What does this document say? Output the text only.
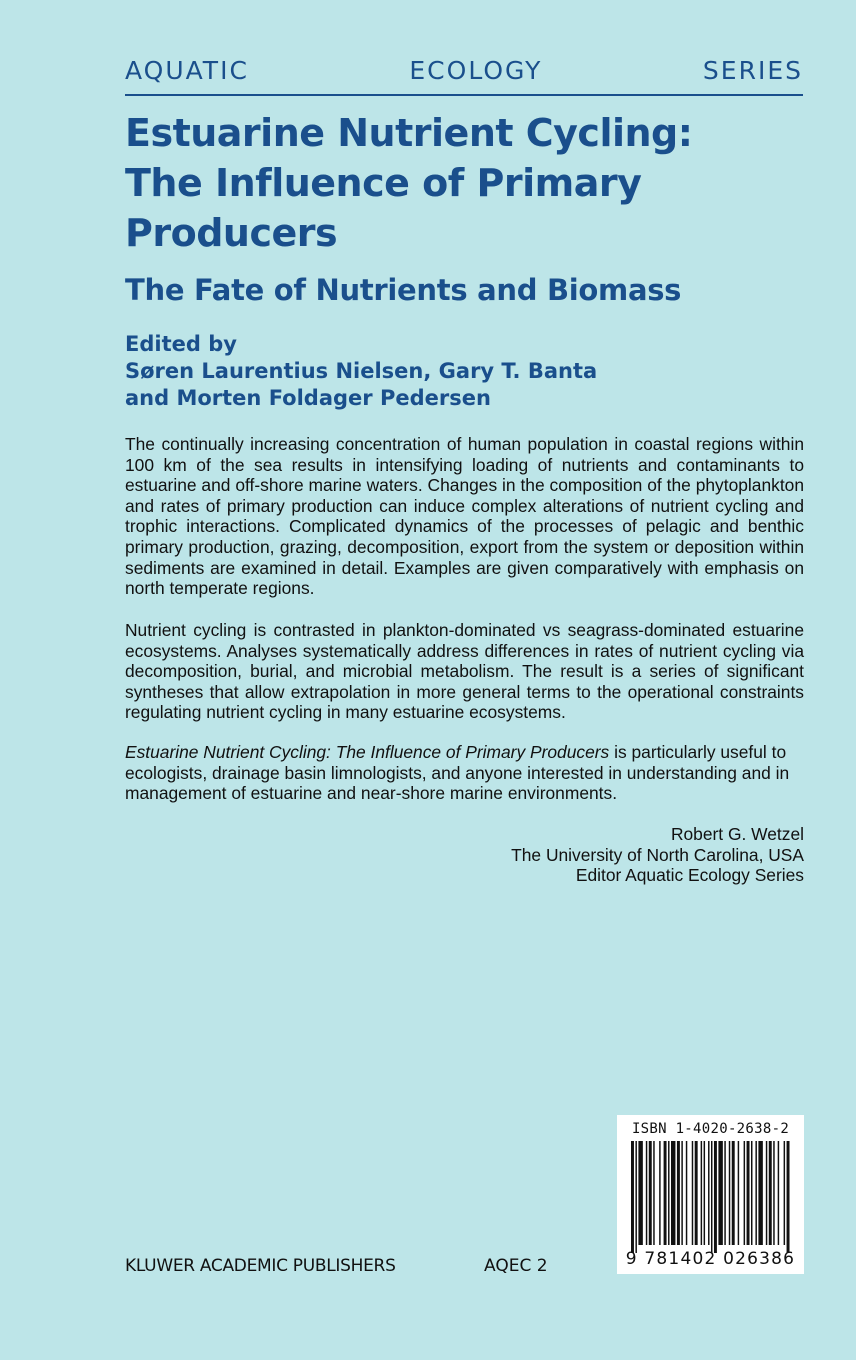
AQUATIC ECOLOGY SERIES
Estuarine Nutrient Cycling:
The Influence of Primary
Producers
The Fate of Nutrients and Biomass
Edited by
Søren Laurentius Nielsen, Gary T. Banta
and Morten Foldager Pedersen

The continually increasing concentration of human population in coastal regions within 100 km of the sea results in intensifying loading of nutrients and contaminants to estuarine and off-shore marine waters. Changes in the composition of the phytoplankton and rates of primary production can induce complex alterations of nutrient cycling and trophic interactions. Complicated dynamics of the processes of pelagic and benthic primary production, grazing, decomposition, export from the system or deposition within sediments are examined in detail. Examples are given comparatively with emphasis on north temperate regions.

Nutrient cycling is contrasted in plankton-dominated vs seagrass-dominated estuarine ecosystems. Analyses systematically address differences in rates of nutrient cycling via decomposition, burial, and microbial metabolism. The result is a series of significant syntheses that allow extrapolation in more general terms to the operational constraints regulating nutrient cycling in many estuarine ecosystems.

Estuarine Nutrient Cycling: The Influence of Primary Producers is particularly useful to ecologists, drainage basin limnologists, and anyone interested in understanding and in management of estuarine and near-shore marine environments.

Robert G. Wetzel
The University of North Carolina, USA
Editor Aquatic Ecology Series
KLUWER ACADEMIC PUBLISHERS	AQEC 2
ISBN 1-4020-2638-2
9 781402 026386
